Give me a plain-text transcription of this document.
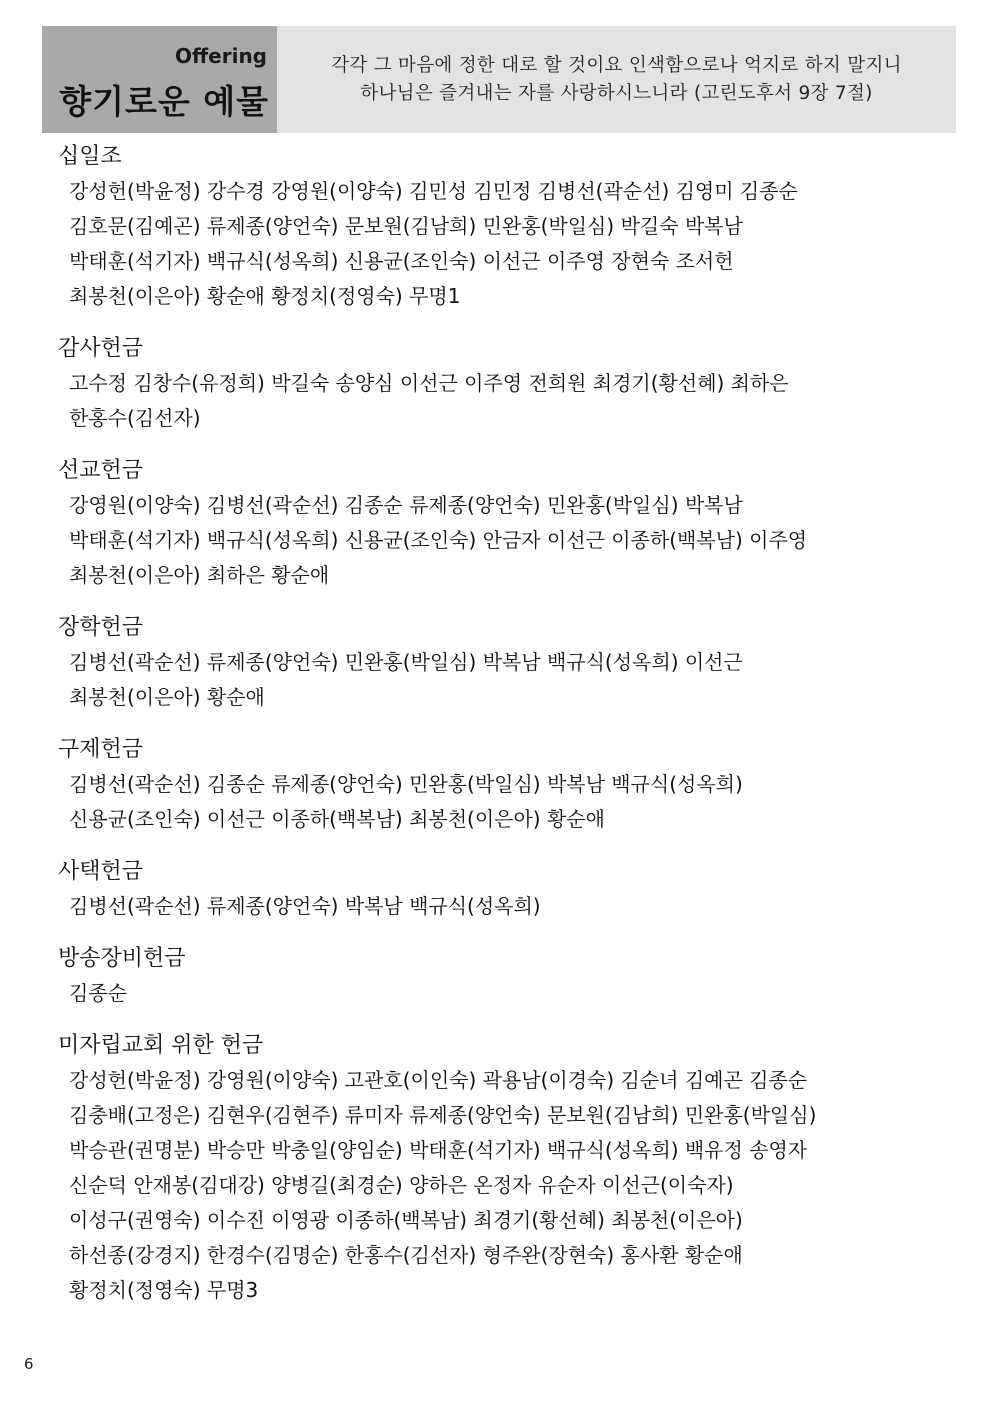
Offering
향기로운 예물
각각 그 마음에 정한 대로 할 것이요 인색함으로나 억지로 하지 말지니
하나님은 즐겨내는 자를 사랑하시느니라 (고린도후서 9장 7절)
십일조
강성헌(박윤정) 강수경 강영원(이양숙) 김민성 김민정 김병선(곽순선) 김영미 김종순
김호문(김예곤) 류제종(양언숙) 문보원(김남희) 민완홍(박일심) 박길숙 박복남
박태훈(석기자) 백규식(성옥희) 신용균(조인숙) 이선근 이주영 장현숙 조서헌
최봉천(이은아) 황순애 황정치(정영숙) 무명1
감사헌금
고수정 김창수(유정희) 박길숙 송양심 이선근 이주영 전희원 최경기(황선혜) 최하은
한홍수(김선자)
선교헌금
강영원(이양숙) 김병선(곽순선) 김종순 류제종(양언숙) 민완홍(박일심) 박복남
박태훈(석기자) 백규식(성옥희) 신용균(조인숙) 안금자 이선근 이종하(백복남) 이주영
최봉천(이은아) 최하은 황순애
장학헌금
김병선(곽순선) 류제종(양언숙) 민완홍(박일심) 박복남 백규식(성옥희) 이선근
최봉천(이은아) 황순애
구제헌금
김병선(곽순선) 김종순 류제종(양언숙) 민완홍(박일심) 박복남 백규식(성옥희)
신용균(조인숙) 이선근 이종하(백복남) 최봉천(이은아) 황순애
사택헌금
김병선(곽순선) 류제종(양언숙) 박복남 백규식(성옥희)
방송장비헌금
김종순
미자립교회 위한 헌금
강성헌(박윤정) 강영원(이양숙) 고관호(이인숙) 곽용남(이경숙) 김순녀 김예곤 김종순
김충배(고정은) 김현우(김현주) 류미자 류제종(양언숙) 문보원(김남희) 민완홍(박일심)
박승관(권명분) 박승만 박충일(양임순) 박태훈(석기자) 백규식(성옥희) 백유정 송영자
신순덕 안재봉(김대강) 양병길(최경순) 양하은 온정자 유순자 이선근(이숙자)
이성구(권영숙) 이수진 이영광 이종하(백복남) 최경기(황선혜) 최봉천(이은아)
하선종(강경지) 한경수(김명순) 한홍수(김선자) 형주완(장현숙) 홍사환 황순애
황정치(정영숙) 무명3
6
